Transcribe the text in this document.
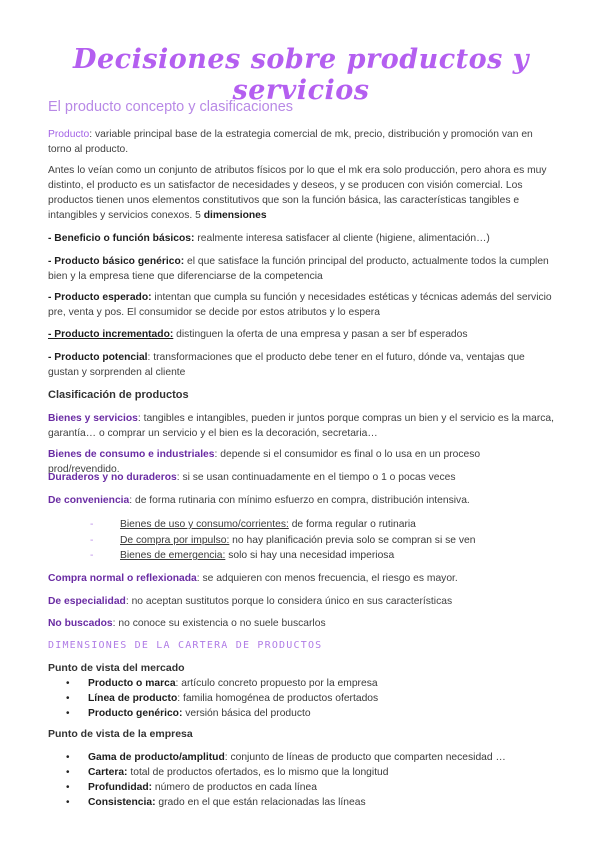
Decisiones sobre productos y servicios
El producto concepto y clasificaciones
Producto: variable principal base de la estrategia comercial de mk, precio, distribución y promoción van en torno al producto.
Antes lo veían como un conjunto de atributos físicos por lo que el mk era solo producción, pero ahora es muy distinto, el producto es un satisfactor de necesidades y deseos, y se producen con visión comercial. Los productos tienen unos elementos constitutivos que son la función básica, las características tangibles e intangibles y servicios conexos. 5 dimensiones
- Beneficio o función básicos: realmente interesa satisfacer al cliente (higiene, alimentación…)
- Producto básico genérico: el que satisface la función principal del producto, actualmente todos la cumplen bien y la empresa tiene que diferenciarse de la competencia
- Producto esperado: intentan que cumpla su función y necesidades estéticas y técnicas además del servicio pre, venta y pos. El consumidor se decide por estos atributos y lo espera
- Producto incrementado: distinguen la oferta de una empresa y pasan a ser bf esperados
- Producto potencial: transformaciones que el producto debe tener en el futuro, dónde va, ventajas que gustan y sorprenden al cliente
Clasificación de productos
Bienes y servicios: tangibles e intangibles, pueden ir juntos porque compras un bien y el servicio es la marca, garantía… o comprar un servicio y el bien es la decoración, secretaria…
Bienes de consumo e industriales: depende si el consumidor es final o lo usa en un proceso prod/revendido.
Duraderos y no duraderos: si se usan continuadamente en el tiempo o 1 o pocas veces
De conveniencia: de forma rutinaria con mínimo esfuerzo en compra, distribución intensiva.
-	Bienes de uso y consumo/corrientes: de forma regular o rutinaria
-	De compra por impulso: no hay planificación previa solo se compran si se ven
-	Bienes de emergencia: solo si hay una necesidad imperiosa
Compra normal o reflexionada: se adquieren con menos frecuencia, el riesgo es mayor.
De especialidad: no aceptan sustitutos porque lo considera único en sus características
No buscados: no conoce su existencia o no suele buscarlos
DIMENSIONES DE LA CARTERA DE PRODUCTOS
Punto de vista del mercado
•	Producto o marca: artículo concreto propuesto por la empresa
•	Línea de producto: familia homogénea de productos ofertados
•	Producto genérico: versión básica del producto
Punto de vista de la empresa
•	Gama de producto/amplitud: conjunto de líneas de producto que comparten necesidad …
•	Cartera: total de productos ofertados, es lo mismo que la longitud
•	Profundidad: número de productos en cada línea
•	Consistencia: grado en el que están relacionadas las líneas
